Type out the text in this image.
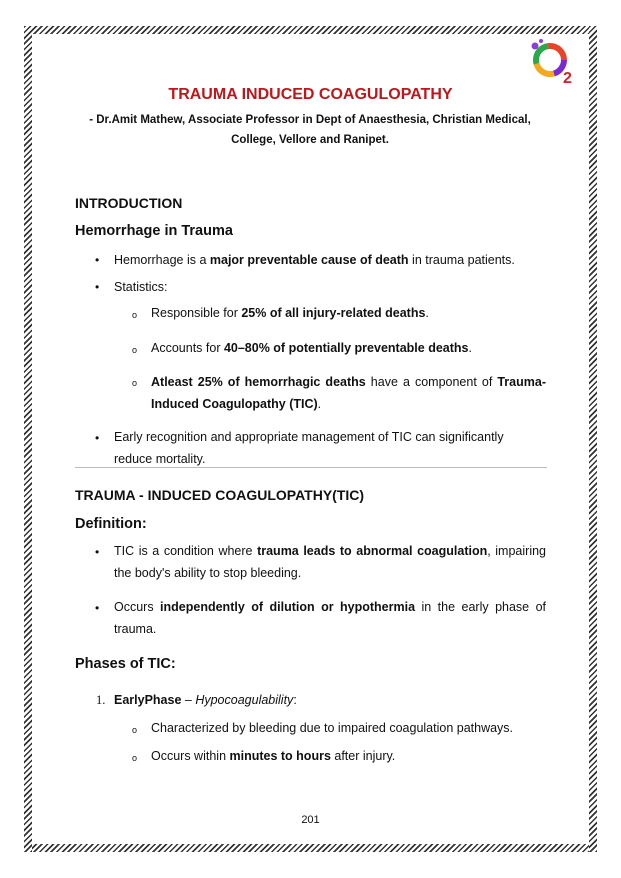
2
TRAUMA INDUCED COAGULOPATHY
- Dr.Amit Mathew, Associate Professor in Dept of Anaesthesia, Christian Medical, College, Vellore and Ranipet.
INTRODUCTION
Hemorrhage in Trauma
• Hemorrhage is a major preventable cause of death in trauma patients.
• Statistics:
o Responsible for 25% of all injury-related deaths.
o Accounts for 40–80% of potentially preventable deaths.
o Atleast 25% of hemorrhagic deaths have a component of Trauma-Induced Coagulopathy (TIC).
• Early recognition and appropriate management of TIC can significantly reduce mortality.
TRAUMA - INDUCED COAGULOPATHY(TIC)
Definition:
• TIC is a condition where trauma leads to abnormal coagulation, impairing the body's ability to stop bleeding.
• Occurs independently of dilution or hypothermia in the early phase of trauma.
Phases of TIC:
1. EarlyPhase – Hypocoagulability:
o Characterized by bleeding due to impaired coagulation pathways.
o Occurs within minutes to hours after injury.
201
